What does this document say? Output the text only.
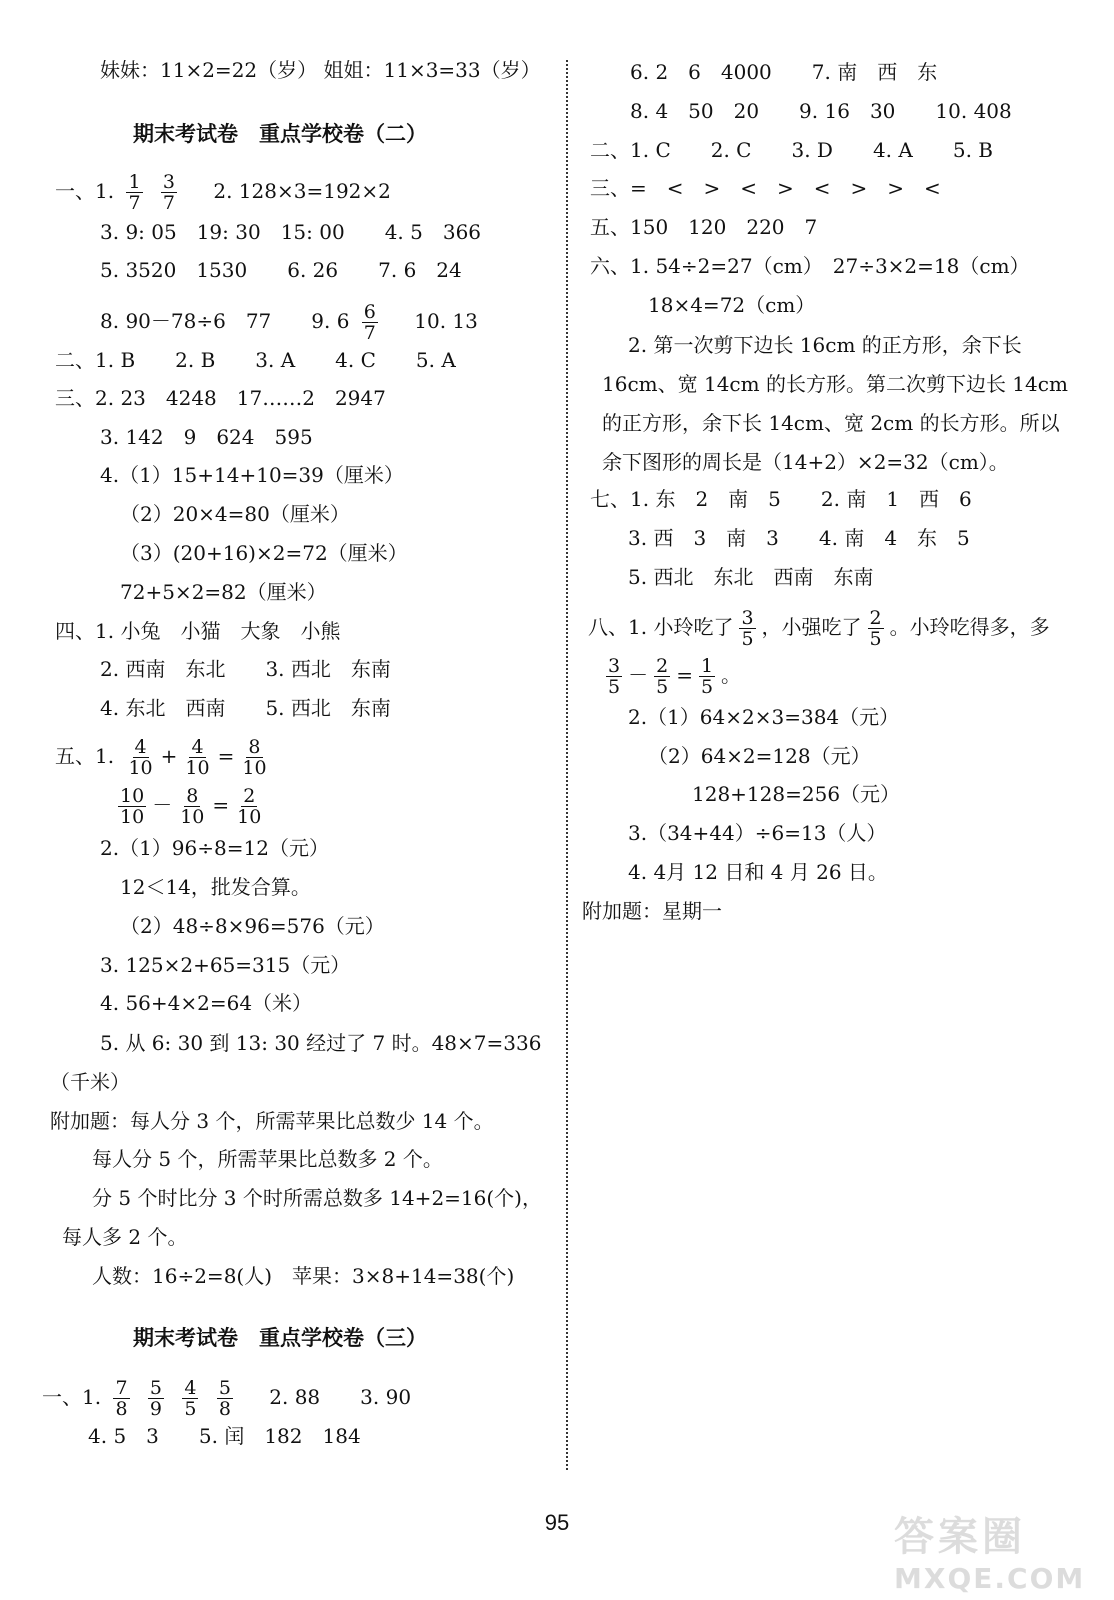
妹妹：11×2=22（岁） 姐姐：11×3=33（岁）
期末考试卷　重点学校卷（二）
一、1. $\frac{1}{7}$
$\frac{3}{7} 2$. 128×3=192×2
3. 9: 05　19: 30　15: 00　　4. 5　366
5. 3520　1530　　6. 26　　7. 6　24
8. 90－78÷6　77　　9. $6 \frac{6}{7} 10$. 13
二、1. B　　2. B　　3. A　　4. C　　5. A
三、2. 23　4248　17……2　2947
3. 142　9　624　595
4.（1）15+14+10=39（厘米）
（2）20×4=80（厘米）
（3）(20+16)×2=72（厘米）
72+5×2=82（厘米）
四、1. 小兔　小猫　大象　小熊
2. 西南　东北　　3. 西北　东南
4. 东北　西南　　5. 西北　东南
五、1. $\frac{4}{10} + \frac{4}{10} = \frac{8}{10}$
$\frac{10}{10} - \frac{8}{10} = \frac{2}{10}$
2.（1）96÷8=12（元）
12＜14，批发合算。
（2）48÷8×96=576（元）
3. 125×2+65=315（元）
4. 56+4×2=64（米）
5. 从 6: 30 到 13: 30 经过了 7 时。48×7=336
（千米）
附加题：每人分 3 个，所需苹果比总数少 14 个。
每人分 5 个，所需苹果比总数多 2 个。
分 5 个时比分 3 个时所需总数多 14+2=16(个)，
每人多 2 个。
人数：16÷2=8(人)　苹果：3×8+14=38(个)
期末考试卷　重点学校卷（三）
一、1. $\frac{7}{8}$
$\frac{5}{9}$
$\frac{4}{5}$
$\frac{5}{8} 2$. 88　　3. 90
4. 5　3　　5. 闰　182　184
6. 2　6　4000　　7. 南　西　东
8. 4　50　20　　9. 16　30　　10. 408
二、1. C　　2. C　　3. D　　4. A　　5. B
三、=　<　>　<　>　<　>　>　<
五、150　120　220　7
六、1. 54÷2=27（cm）　27÷3×2=18（cm）
18×4=72（cm）
2. 第一次剪下边长 16cm 的正方形，余下长
16cm、宽 14cm 的长方形。第二次剪下边长 14cm
的正方形，余下长 14cm、宽 2cm 的长方形。所以
余下图形的周长是（14+2）×2=32（cm）。
七、1. 东　2　南　5　　2. 南　1　西　6
3. 西　3　南　3　　4. 南　4　东　5
5. 西北　东北　西南　东南
八、1. 小玲吃了 $\frac{3}{5}$ ，小强吃了 $\frac{2}{5}$ 。小玲吃得多，多
$\frac{3}{5} - \frac{2}{5} = \frac{1}{5}$ 。
2.（1）64×2×3=384（元）
（2）64×2=128（元）
128+128=256（元）
3.（34+44）÷6=13（人）
4. 4月 12 日和 4 月 26 日。
附加题：星期一
95	答案圈
MXQE.COM
